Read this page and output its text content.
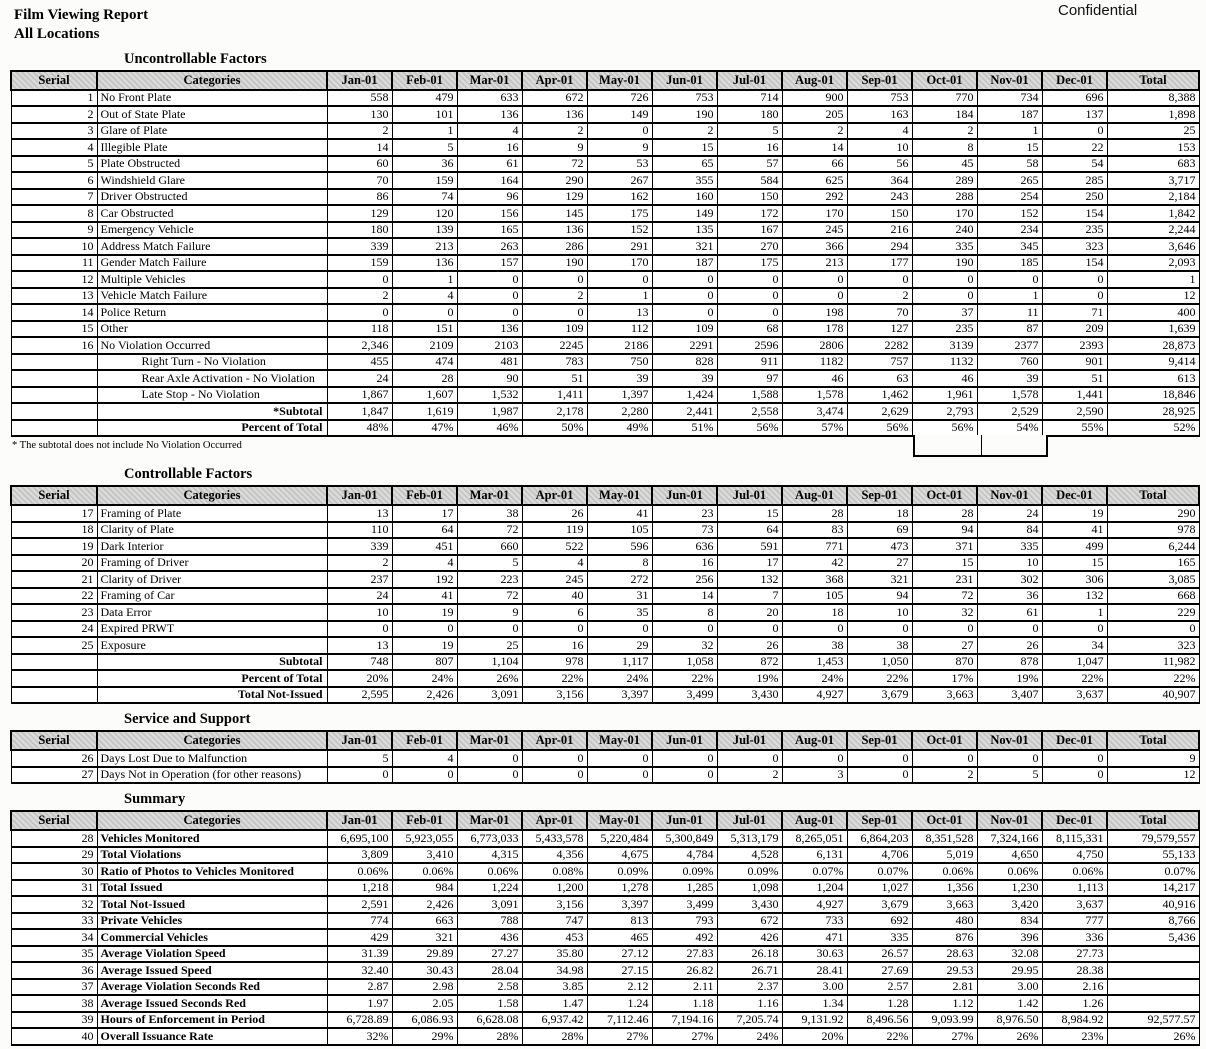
Film Viewing Report
All Locations
Confidential
Uncontrollable Factors
Serial	Categories	Jan-01	Feb-01	Mar-01	Apr-01	May-01	Jun-01	Jul-01	Aug-01	Sep-01	Oct-01	Nov-01	Dec-01	Total
1	No Front Plate	558	479	633	672	726	753	714	900	753	770	734	696	8,388
2	Out of State Plate	130	101	136	136	149	190	180	205	163	184	187	137	1,898
3	Glare of Plate	2	1	4	2	0	2	5	2	4	2	1	0	25
4	Illegible Plate	14	5	16	9	9	15	16	14	10	8	15	22	153
5	Plate Obstructed	60	36	61	72	53	65	57	66	56	45	58	54	683
6	Windshield Glare	70	159	164	290	267	355	584	625	364	289	265	285	3,717
7	Driver Obstructed	86	74	96	129	162	160	150	292	243	288	254	250	2,184
8	Car Obstructed	129	120	156	145	175	149	172	170	150	170	152	154	1,842
9	Emergency Vehicle	180	139	165	136	152	135	167	245	216	240	234	235	2,244
10	Address Match Failure	339	213	263	286	291	321	270	366	294	335	345	323	3,646
11	Gender Match Failure	159	136	157	190	170	187	175	213	177	190	185	154	2,093
12	Multiple Vehicles	0	1	0	0	0	0	0	0	0	0	0	0	1
13	Vehicle Match Failure	2	4	0	2	1	0	0	0	2	0	1	0	12
14	Police Return	0	0	0	0	13	0	0	198	70	37	11	71	400
15	Other	118	151	136	109	112	109	68	178	127	235	87	209	1,639
16	No Violation Occurred	2,346	2109	2103	2245	2186	2291	2596	2806	2282	3139	2377	2393	28,873
	Right Turn - No Violation	455	474	481	783	750	828	911	1182	757	1132	760	901	9,414
	Rear Axle Activation - No Violation	24	28	90	51	39	39	97	46	63	46	39	51	613
	Late Stop - No Violation	1,867	1,607	1,532	1,411	1,397	1,424	1,588	1,578	1,462	1,961	1,578	1,441	18,846
	*Subtotal	1,847	1,619	1,987	2,178	2,280	2,441	2,558	3,474	2,629	2,793	2,529	2,590	28,925
	Percent of Total	48%	47%	46%	50%	49%	51%	56%	57%	56%	56%	54%	55%	52%
* The subtotal does not include No Violation Occurred
Controllable Factors
Serial	Categories	Jan-01	Feb-01	Mar-01	Apr-01	May-01	Jun-01	Jul-01	Aug-01	Sep-01	Oct-01	Nov-01	Dec-01	Total
17	Framing of Plate	13	17	38	26	41	23	15	28	18	28	24	19	290
18	Clarity of Plate	110	64	72	119	105	73	64	83	69	94	84	41	978
19	Dark Interior	339	451	660	522	596	636	591	771	473	371	335	499	6,244
20	Framing of Driver	2	4	5	4	8	16	17	42	27	15	10	15	165
21	Clarity of Driver	237	192	223	245	272	256	132	368	321	231	302	306	3,085
22	Framing of Car	24	41	72	40	31	14	7	105	94	72	36	132	668
23	Data Error	10	19	9	6	35	8	20	18	10	32	61	1	229
24	Expired PRWT	0	0	0	0	0	0	0	0	0	0	0	0	0
25	Exposure	13	19	25	16	29	32	26	38	38	27	26	34	323
	Subtotal	748	807	1,104	978	1,117	1,058	872	1,453	1,050	870	878	1,047	11,982
	Percent of Total	20%	24%	26%	22%	24%	22%	19%	24%	22%	17%	19%	22%	22%
	Total Not-Issued	2,595	2,426	3,091	3,156	3,397	3,499	3,430	4,927	3,679	3,663	3,407	3,637	40,907
Service and Support
Serial	Categories	Jan-01	Feb-01	Mar-01	Apr-01	May-01	Jun-01	Jul-01	Aug-01	Sep-01	Oct-01	Nov-01	Dec-01	Total
26	Days Lost Due to Malfunction	5	4	0	0	0	0	0	0	0	0	0	0	9
27	Days Not in Operation (for other reasons)	0	0	0	0	0	0	2	3	0	2	5	0	12
Summary
Serial	Categories	Jan-01	Feb-01	Mar-01	Apr-01	May-01	Jun-01	Jul-01	Aug-01	Sep-01	Oct-01	Nov-01	Dec-01	Total
28	Vehicles Monitored	6,695,100	5,923,055	6,773,033	5,433,578	5,220,484	5,300,849	5,313,179	8,265,051	6,864,203	8,351,528	7,324,166	8,115,331	79,579,557
29	Total Violations	3,809	3,410	4,315	4,356	4,675	4,784	4,528	6,131	4,706	5,019	4,650	4,750	55,133
30	Ratio of Photos to Vehicles Monitored	0.06%	0.06%	0.06%	0.08%	0.09%	0.09%	0.09%	0.07%	0.07%	0.06%	0.06%	0.06%	0.07%
31	Total Issued	1,218	984	1,224	1,200	1,278	1,285	1,098	1,204	1,027	1,356	1,230	1,113	14,217
32	Total Not-Issued	2,591	2,426	3,091	3,156	3,397	3,499	3,430	4,927	3,679	3,663	3,420	3,637	40,916
33	Private Vehicles	774	663	788	747	813	793	672	733	692	480	834	777	8,766
34	Commercial Vehicles	429	321	436	453	465	492	426	471	335	876	396	336	5,436
35	Average Violation Speed	31.39	29.89	27.27	35.80	27.12	27.83	26.18	30.63	26.57	28.63	32.08	27.73	
36	Average Issued Speed	32.40	30.43	28.04	34.98	27.15	26.82	26.71	28.41	27.69	29.53	29.95	28.38	
37	Average Violation Seconds Red	2.87	2.98	2.58	3.85	2.12	2.11	2.37	3.00	2.57	2.81	3.00	2.16	
38	Average Issued Seconds Red	1.97	2.05	1.58	1.47	1.24	1.18	1.16	1.34	1.28	1.12	1.42	1.26	
39	Hours of Enforcement in Period	6,728.89	6,086.93	6,628.08	6,937.42	7,112.46	7,194.16	7,205.74	9,131.92	8,496.56	9,093.99	8,976.50	8,984.92	92,577.57
40	Overall Issuance Rate	32%	29%	28%	28%	27%	27%	24%	20%	22%	27%	26%	23%	26%
